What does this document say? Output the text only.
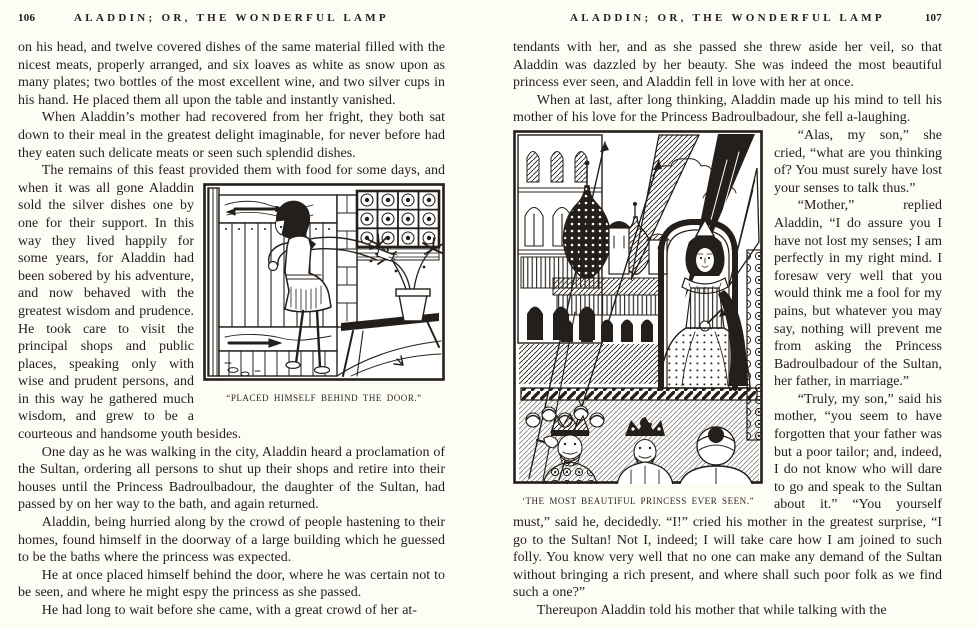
106	ALADDIN; OR, THE WONDERFUL LAMP
on his head, and twelve covered dishes of the same material filled with the nicest meats, properly arranged, and six loaves as white as snow upon as many plates; two bottles of the most excellent wine, and two silver cups in his hand. He placed them all upon the table and instantly vanished.
When Aladdin’s mother had recovered from her fright, they both sat down to their meal in the greatest delight imaginable, for never before had they eaten such delicate meats or seen such splendid dishes.
The remains of this feast provided them with food for some days,
“PLACED HIMSELF BEHIND THE DOOR.”
and when it was all gone Aladdin sold the silver dishes one by one for their support. In this way they lived happily for some years, for Aladdin had been sobered by his adventure, and now behaved with the greatest wisdom and prudence. He took care to visit the principal shops and public places, speaking only with wise and prudent persons, and in this way he gathered much wisdom, and grew to be a courteous and handsome youth besides.
One day as he was walking in the city, Aladdin heard a proclamation of the Sultan, ordering all persons to shut up their shops and retire into their houses until the Princess Badroulbadour, the daughter of the Sultan, had passed by on her way to the bath, and again returned.
Aladdin, being hurried along by the crowd of people hastening to their homes, found himself in the doorway of a large building which he guessed to be the baths where the princess was expected.
He at once placed himself behind the door, where he was certain not to be seen, and where he might espy the princess as she passed.
He had long to wait before she came, with a great crowd of her at-
ALADDIN; OR, THE WONDERFUL LAMP	107
tendants with her, and as she passed she threw aside her veil, so that Aladdin was dazzled by her beauty. She was indeed the most beautiful princess ever seen, and Aladdin fell in love with her at once.
When at last, after long thinking, Aladdin made up his mind to tell his mother of his love for the Princess Badroulbadour, she fell
‘THE MOST BEAUTIFUL PRINCESS EVER SEEN.”
a-laughing.
“Alas, my son,” she cried, “what are you thinking of? You must surely have lost your senses to talk thus.”
“Mother,” replied Aladdin, “I do assure you I have not lost my senses; I am perfectly in my right mind. I foresaw very well that you would think me a fool for my pains, but whatever you may say, nothing will prevent me from asking the Princess Badroulbadour of the Sultan, her father, in marriage.”
“Truly, my son,” said his mother, “you seem to have forgotten that your father was but a poor tailor; and, indeed, I do not know who will dare to go and speak to the Sultan about it.” “You yourself must,” said he, decidedly. “I!” cried his mother in the greatest surprise, “I go to the Sultan! Not I, indeed; I will take care how I am joined to such folly. You know very well that no one can make any demand of the Sultan without bringing a rich present, and where shall such poor folk as we find such a one?”
Thereupon Aladdin told his mother that while talking with the
